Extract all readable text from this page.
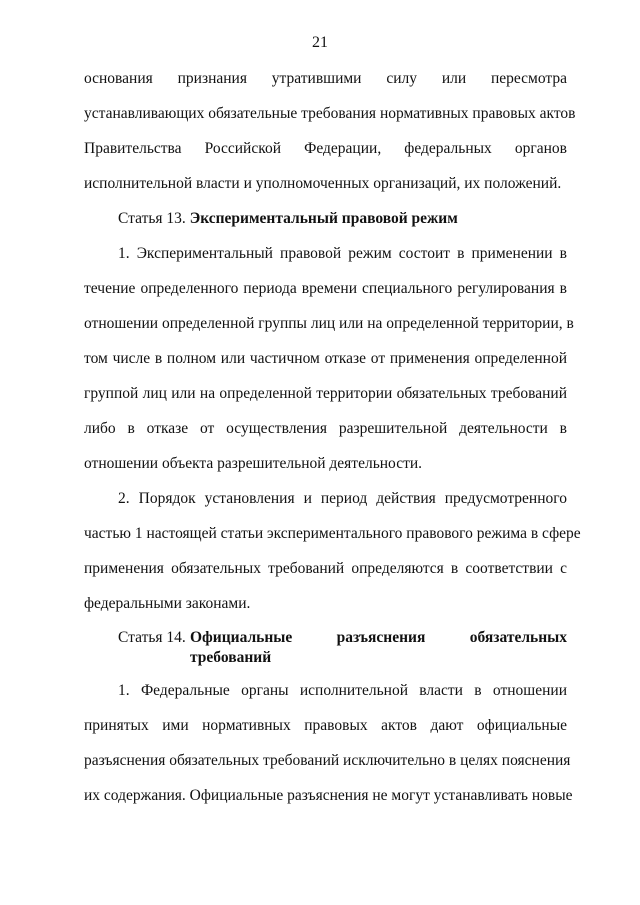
21
основания признания утратившими силу или пересмотра
устанавливающих обязательные требования нормативных правовых актов
Правительства Российской Федерации, федеральных органов
исполнительной власти и уполномоченных организаций, их положений.
Статья 13. Экспериментальный правовой режим
1. Экспериментальный правовой режим состоит в применении в
течение определенного периода времени специального регулирования в
отношении определенной группы лиц или на определенной территории, в
том числе в полном или частичном отказе от применения определенной
группой лиц или на определенной территории обязательных требований
либо в отказе от осуществления разрешительной деятельности в
отношении объекта разрешительной деятельности.
2. Порядок установления и период действия предусмотренного
частью 1 настоящей статьи экспериментального правового режима в сфере
применения обязательных требований определяются в соответствии с
федеральными законами.
Статья 14. Официальные разъяснения обязательных
требований
1. Федеральные органы исполнительной власти в отношении
принятых ими нормативных правовых актов дают официальные
разъяснения обязательных требований исключительно в целях пояснения
их содержания. Официальные разъяснения не могут устанавливать новые
